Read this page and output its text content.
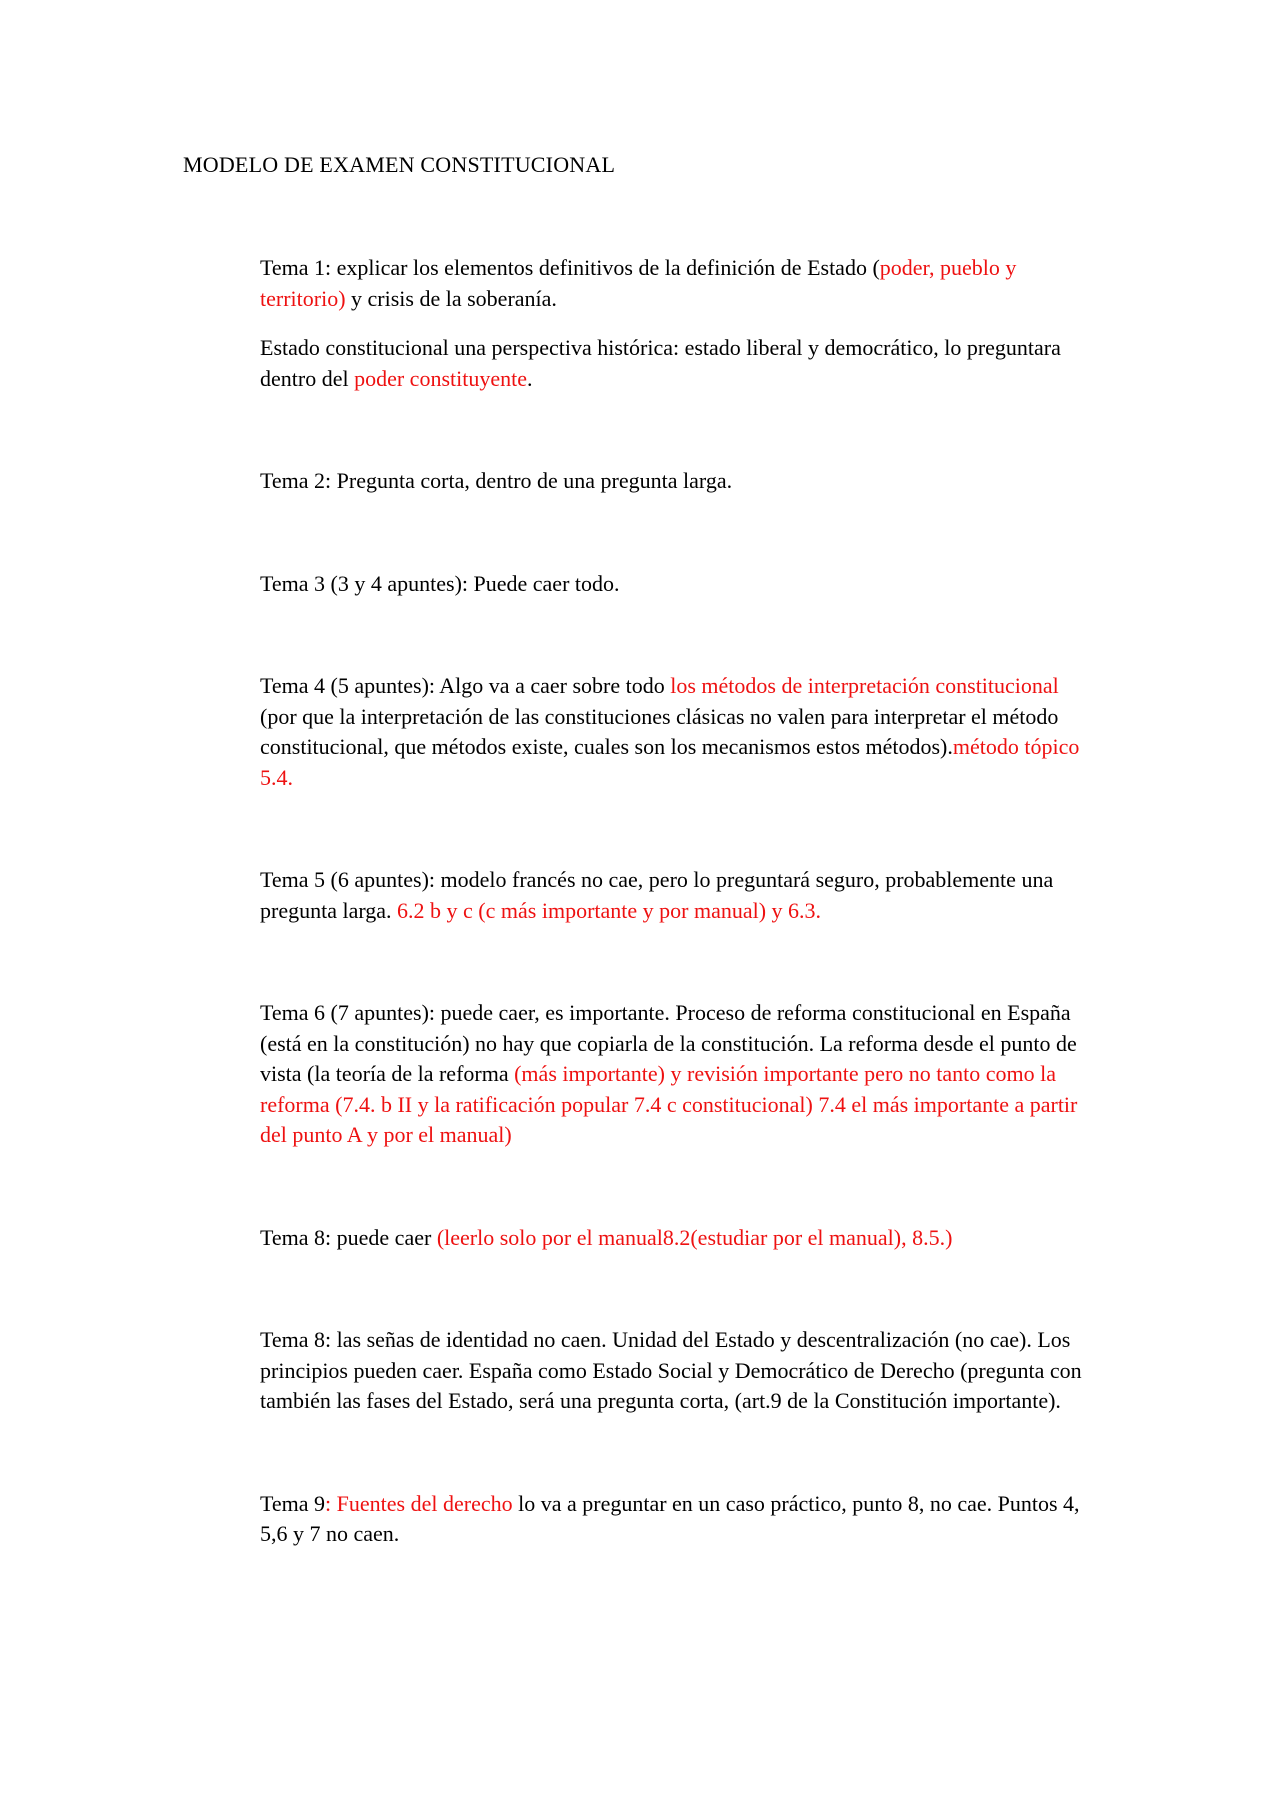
MODELO DE EXAMEN CONSTITUCIONAL

Tema 1: explicar los elementos definitivos de la definición de Estado (poder, pueblo y territorio) y crisis de la soberanía.

Estado constitucional una perspectiva histórica: estado liberal y democrático, lo preguntara dentro del poder constituyente.

Tema 2: Pregunta corta, dentro de una pregunta larga.

Tema 3 (3 y 4 apuntes): Puede caer todo.

Tema 4 (5 apuntes): Algo va a caer sobre todo los métodos de interpretación constitucional (por que la interpretación de las constituciones clásicas no valen para interpretar el método constitucional, que métodos existe, cuales son los mecanismos estos métodos).método tópico 5.4.

Tema 5 (6 apuntes): modelo francés no cae, pero lo preguntará seguro, probablemente una pregunta larga. 6.2 b y c (c más importante y por manual) y 6.3.

Tema 6 (7 apuntes): puede caer, es importante. Proceso de reforma constitucional en España (está en la constitución) no hay que copiarla de la constitución. La reforma desde el punto de vista (la teoría de la reforma (más importante) y revisión importante pero no tanto como la reforma (7.4. b II y la ratificación popular 7.4 c constitucional) 7.4 el más importante a partir del punto A y por el manual)

Tema 8: puede caer (leerlo solo por el manual8.2(estudiar por el manual), 8.5.)

Tema 8: las señas de identidad no caen. Unidad del Estado y descentralización (no cae). Los principios pueden caer. España como Estado Social y Democrático de Derecho (pregunta con también las fases del Estado, será una pregunta corta, (art.9 de la Constitución importante).

Tema 9: Fuentes del derecho lo va a preguntar en un caso práctico, punto 8, no cae. Puntos 4, 5,6 y 7 no caen.
